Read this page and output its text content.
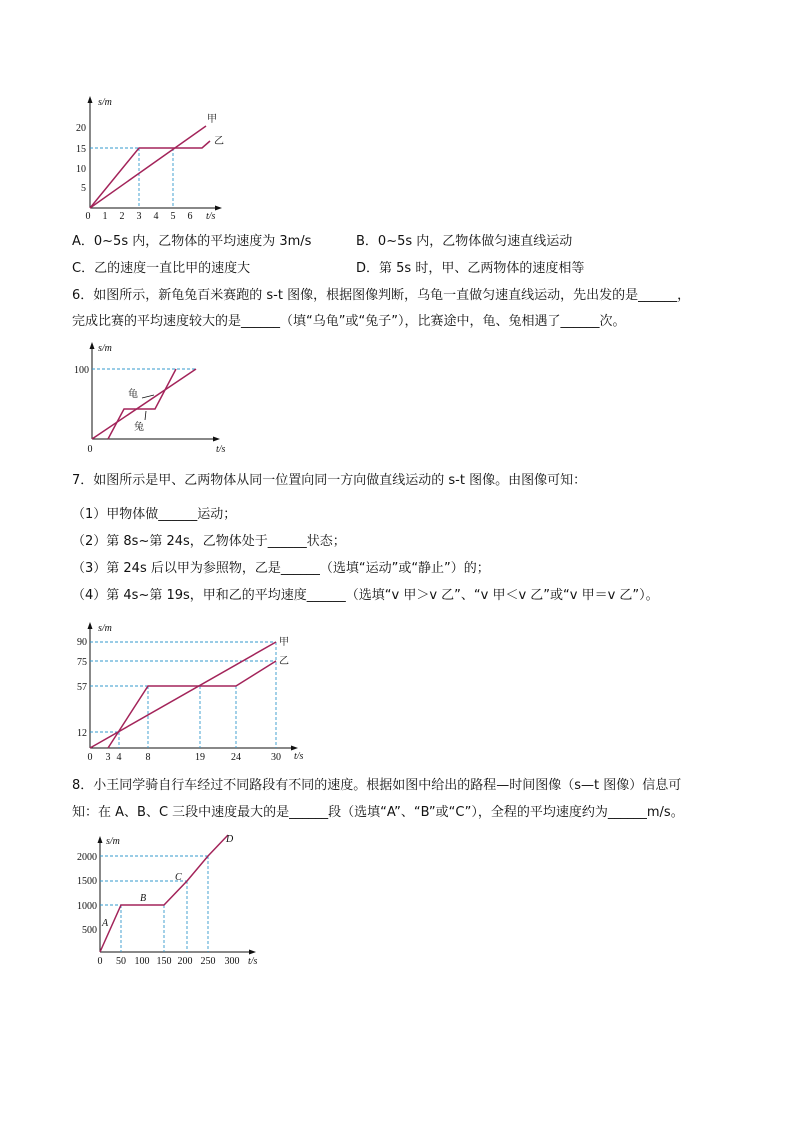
s/m
t/s
20
15
10
5
0 1 2 3 4 5 6
甲
乙
A．0~5s 内，乙物体的平均速度为 3m/s	B．0~5s 内，乙物体做匀速直线运动
C．乙的速度一直比甲的速度大	D．第 5s 时，甲、乙两物体的速度相等
6．如图所示，新龟兔百米赛跑的 s-t 图像，根据图像判断，乌龟一直做匀速直线运动，先出发的是______，
完成比赛的平均速度较大的是______（填“乌龟”或“兔子”），比赛途中，龟、兔相遇了______次。
s/m
t/s
100
0
龟
兔
7．如图所示是甲、乙两物体从同一位置向同一方向做直线运动的 s-t 图像。由图像可知：
（1）甲物体做______运动；
（2）第 8s~第 24s，乙物体处于______状态；
（3）第 24s 后以甲为参照物，乙是______（选填“运动”或“静止”）的；
（4）第 4s~第 19s，甲和乙的平均速度______（选填“v 甲＞v 乙”、“v 甲＜v 乙”或“v 甲＝v 乙”）。
s/m
t/s
90
75
57
12
0 3 4 8	19	24	30
甲
乙
8．小王同学骑自行车经过不同路段有不同的速度。根据如图中给出的路程—时间图像（s—t 图像）信息可
知：在 A、B、C 三段中速度最大的是______段（选填“A”、“B”或“C”），全程的平均速度约为______m/s。
s/m
t/s
2000
1500
1000
500
0 50 100 150 200 250 300
A
B
C
D
